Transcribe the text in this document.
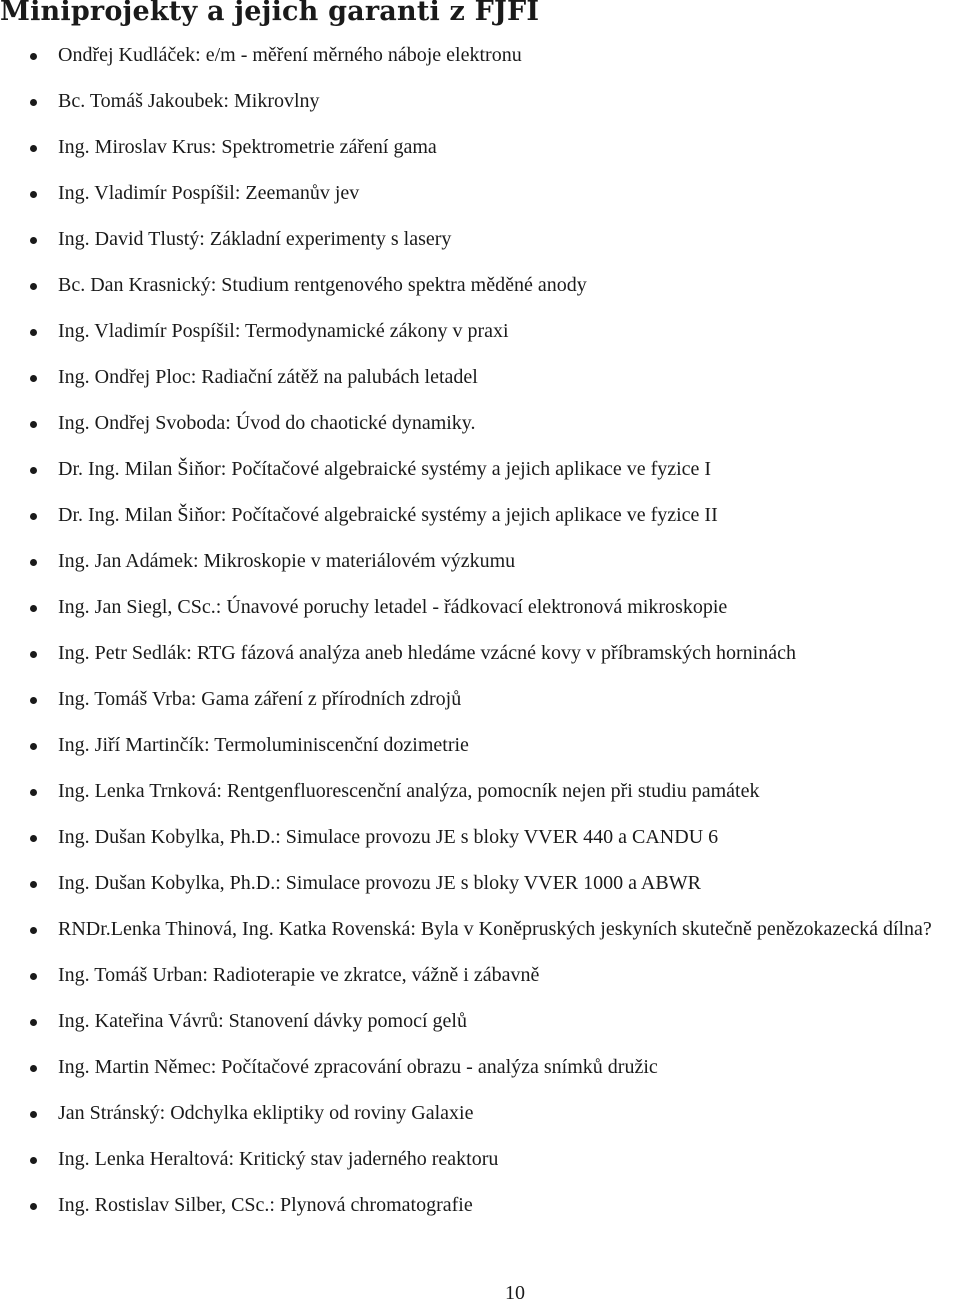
Miniprojekty a jejich garanti z FJFI
Ondřej Kudláček: e/m - měření měrného náboje elektronu
Bc. Tomáš Jakoubek: Mikrovlny
Ing. Miroslav Krus: Spektrometrie záření gama
Ing. Vladimír Pospíšil: Zeemanův jev
Ing. David Tlustý: Základní experimenty s lasery
Bc. Dan Krasnický: Studium rentgenového spektra měděné anody
Ing. Vladimír Pospíšil: Termodynamické zákony v praxi
Ing. Ondřej Ploc: Radiační zátěž na palubách letadel
Ing. Ondřej Svoboda: Úvod do chaotické dynamiky.
Dr. Ing. Milan Šiňor: Počítačové algebraické systémy a jejich aplikace ve fyzice I
Dr. Ing. Milan Šiňor: Počítačové algebraické systémy a jejich aplikace ve fyzice II
Ing. Jan Adámek: Mikroskopie v materiálovém výzkumu
Ing. Jan Siegl, CSc.: Únavové poruchy letadel - řádkovací elektronová mikroskopie
Ing. Petr Sedlák: RTG fázová analýza aneb hledáme vzácné kovy v příbramských horninách
Ing. Tomáš Vrba: Gama záření z přírodních zdrojů
Ing. Jiří Martinčík: Termoluminiscenční dozimetrie
Ing. Lenka Trnková: Rentgenfluorescenční analýza, pomocník nejen při studiu památek
Ing. Dušan Kobylka, Ph.D.: Simulace provozu JE s bloky VVER 440 a CANDU 6
Ing. Dušan Kobylka, Ph.D.: Simulace provozu JE s bloky VVER 1000 a ABWR
RNDr.Lenka Thinová, Ing. Katka Rovenská: Byla v Koněpruských jeskyních skutečně penězokazecká dílna?
Ing. Tomáš Urban: Radioterapie ve zkratce, vážně i zábavně
Ing. Kateřina Vávrů: Stanovení dávky pomocí gelů
Ing. Martin Němec: Počítačové zpracování obrazu - analýza snímků družic
Jan Stránský: Odchylka ekliptiky od roviny Galaxie
Ing. Lenka Heraltová: Kritický stav jaderného reaktoru
Ing. Rostislav Silber, CSc.: Plynová chromatografie
10
